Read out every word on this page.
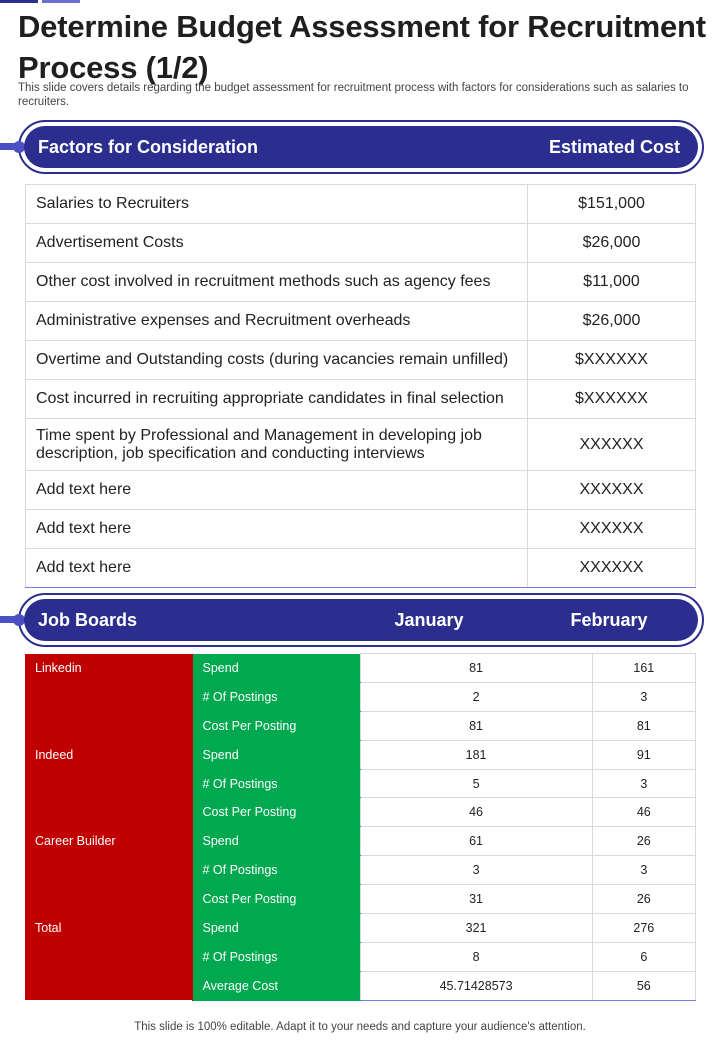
Determine Budget Assessment for Recruitment Process (1/2)

This slide covers details regarding the budget assessment for recruitment process with factors for considerations such as salaries to recruiters.

Factors for Consideration	Estimated Cost
Salaries to Recruiters	$151,000
Advertisement Costs	$26,000
Other cost involved in recruitment methods such as agency fees	$11,000
Administrative expenses and Recruitment overheads	$26,000
Overtime and Outstanding costs (during vacancies remain unfilled)	$XXXXXX
Cost incurred in recruiting appropriate candidates in final selection	$XXXXXX
Time spent by Professional and Management in developing job description, job specification and conducting interviews	XXXXXX
Add text here	XXXXXX
Add text here	XXXXXX
Add text here	XXXXXX
Job Boards	January	February
Linkedin	Spend	81	161
	# Of Postings	2	3
	Cost Per Posting	81	81
Indeed	Spend	181	91
	# Of Postings	5	3
	Cost Per Posting	46	46
Career Builder	Spend	61	26
	# Of Postings	3	3
	Cost Per Posting	31	26
Total	Spend	321	276
	# Of Postings	8	6
	Average Cost	45.71428573	56
This slide is 100% editable. Adapt it to your needs and capture your audience's attention.
